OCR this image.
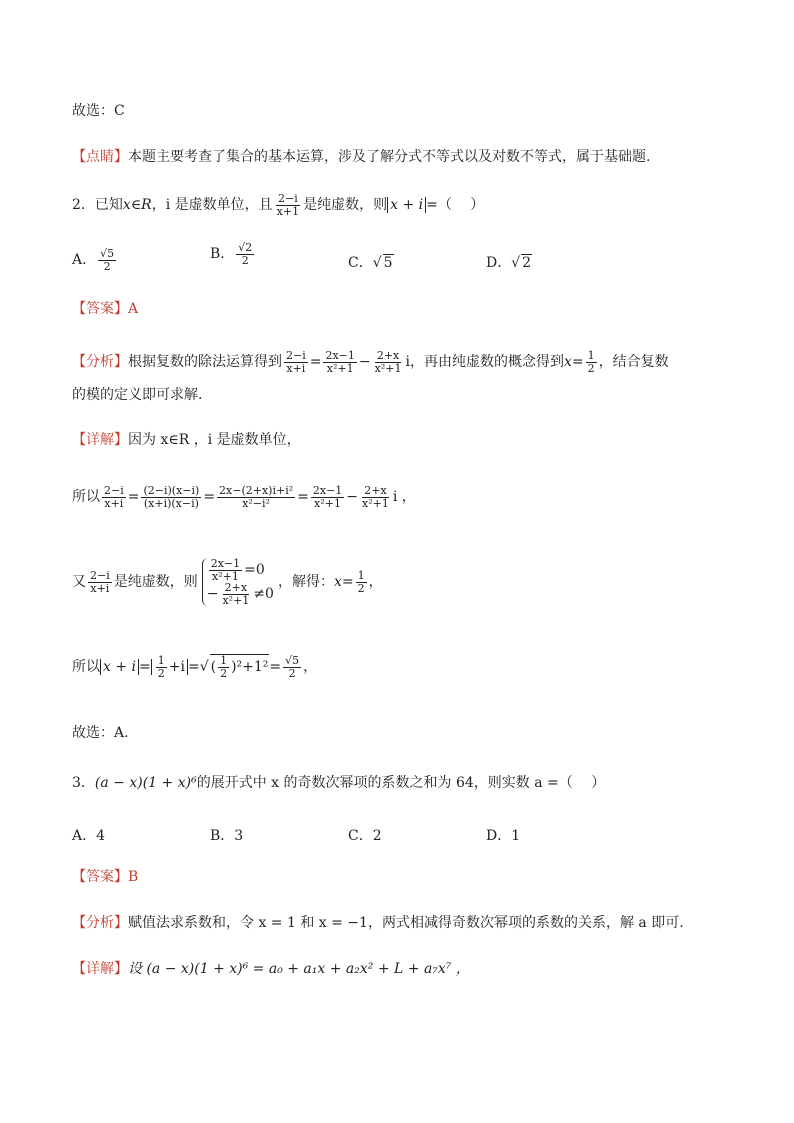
故选：C
【点睛】本题主要考查了集合的基本运算，涉及了解分式不等式以及对数不等式，属于基础题.
2．已知x∈R，i 是虚数单位，且 $\frac{2-i}{x+1}$ 是纯虚数，则 x + i =（　 ）
A． $\frac{√5}{2}$	B． $\frac{√2}{2}$	C．√ 5	D．√ 2
【答案】A
【分析】根据复数的除法运算得到 $\frac{2-i}{x+i} = \frac{2x-1}{\text{x²+1}} - \frac{2+x}{\text{x²+1}}$ i，再由纯虚数的概念得到$x= \frac{1}{2}$ ，结合复数
的模的定义即可求解.
【详解】因为 x∈R ，i 是虚数单位，
所以 $\frac{2-i}{x+i} = \frac{(2-i)(x-i)}{(x+i)(x-i)} = \frac{\text{2x−(2+x)i+i²}}{\text{x²−i²}} = \frac{2x-1}{\text{x²+1}} - \frac{2+x}{\text{x²+1}}$ i ，
又 $\frac{2-i}{x+i}$ 是纯虚数，则 $\frac{2x-1}{\text{x²+1}} =0$
− $\frac{2+x}{\text{x²+1}} \ne 0$
，解得：$x= \frac{1}{2}$ ，
所以 $x + i = \frac{1}{2} +i$ =√ ( $\frac{1}{2} )^2+1^2= \frac{√5}{2}$ ，
故选：A.
3．(a − x)(1 + x)⁶的展开式中 x 的奇数次幂项的系数之和为 64，则实数 a =（　 ）
A．4	B．3	C．2	D．1
【答案】B
【分析】赋值法求系数和，令 x = 1 和 x = −1，两式相减得奇数次幂项的系数的关系，解 a 即可.
【详解】设 (a − x)(1 + x)⁶ = a₀ + a₁x + a₂x² + L + a₇x⁷ ，
